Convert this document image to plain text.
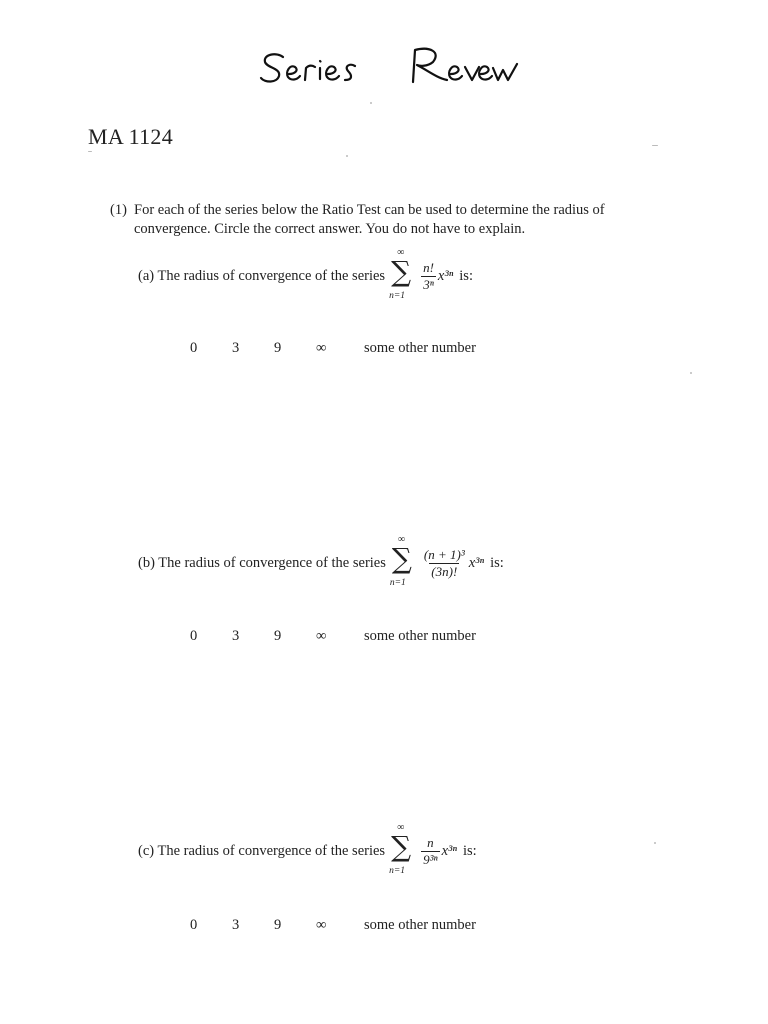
MA 1124
(1) For each of the series below the Ratio Test can be used to determine the radius of convergence. Circle the correct answer. You do not have to explain.
(a) The radius of convergence of the series
∞
∑
n=1
$\frac{n!}{\text{3ⁿ}} x^{3n}$ is:
0 3 9 ∞	some other number
(b) The radius of convergence of the series
∞
∑
n=1
$\frac{\text{(n + 1)³}}{(3n)!} x^{3n}$ is:
0 3 9 ∞	some other number
(c) The radius of convergence of the series
∞
∑
n=1
$\frac{n}{\text{9³ⁿ}} x^{3n}$ is:
0 3 9 ∞	some other number
